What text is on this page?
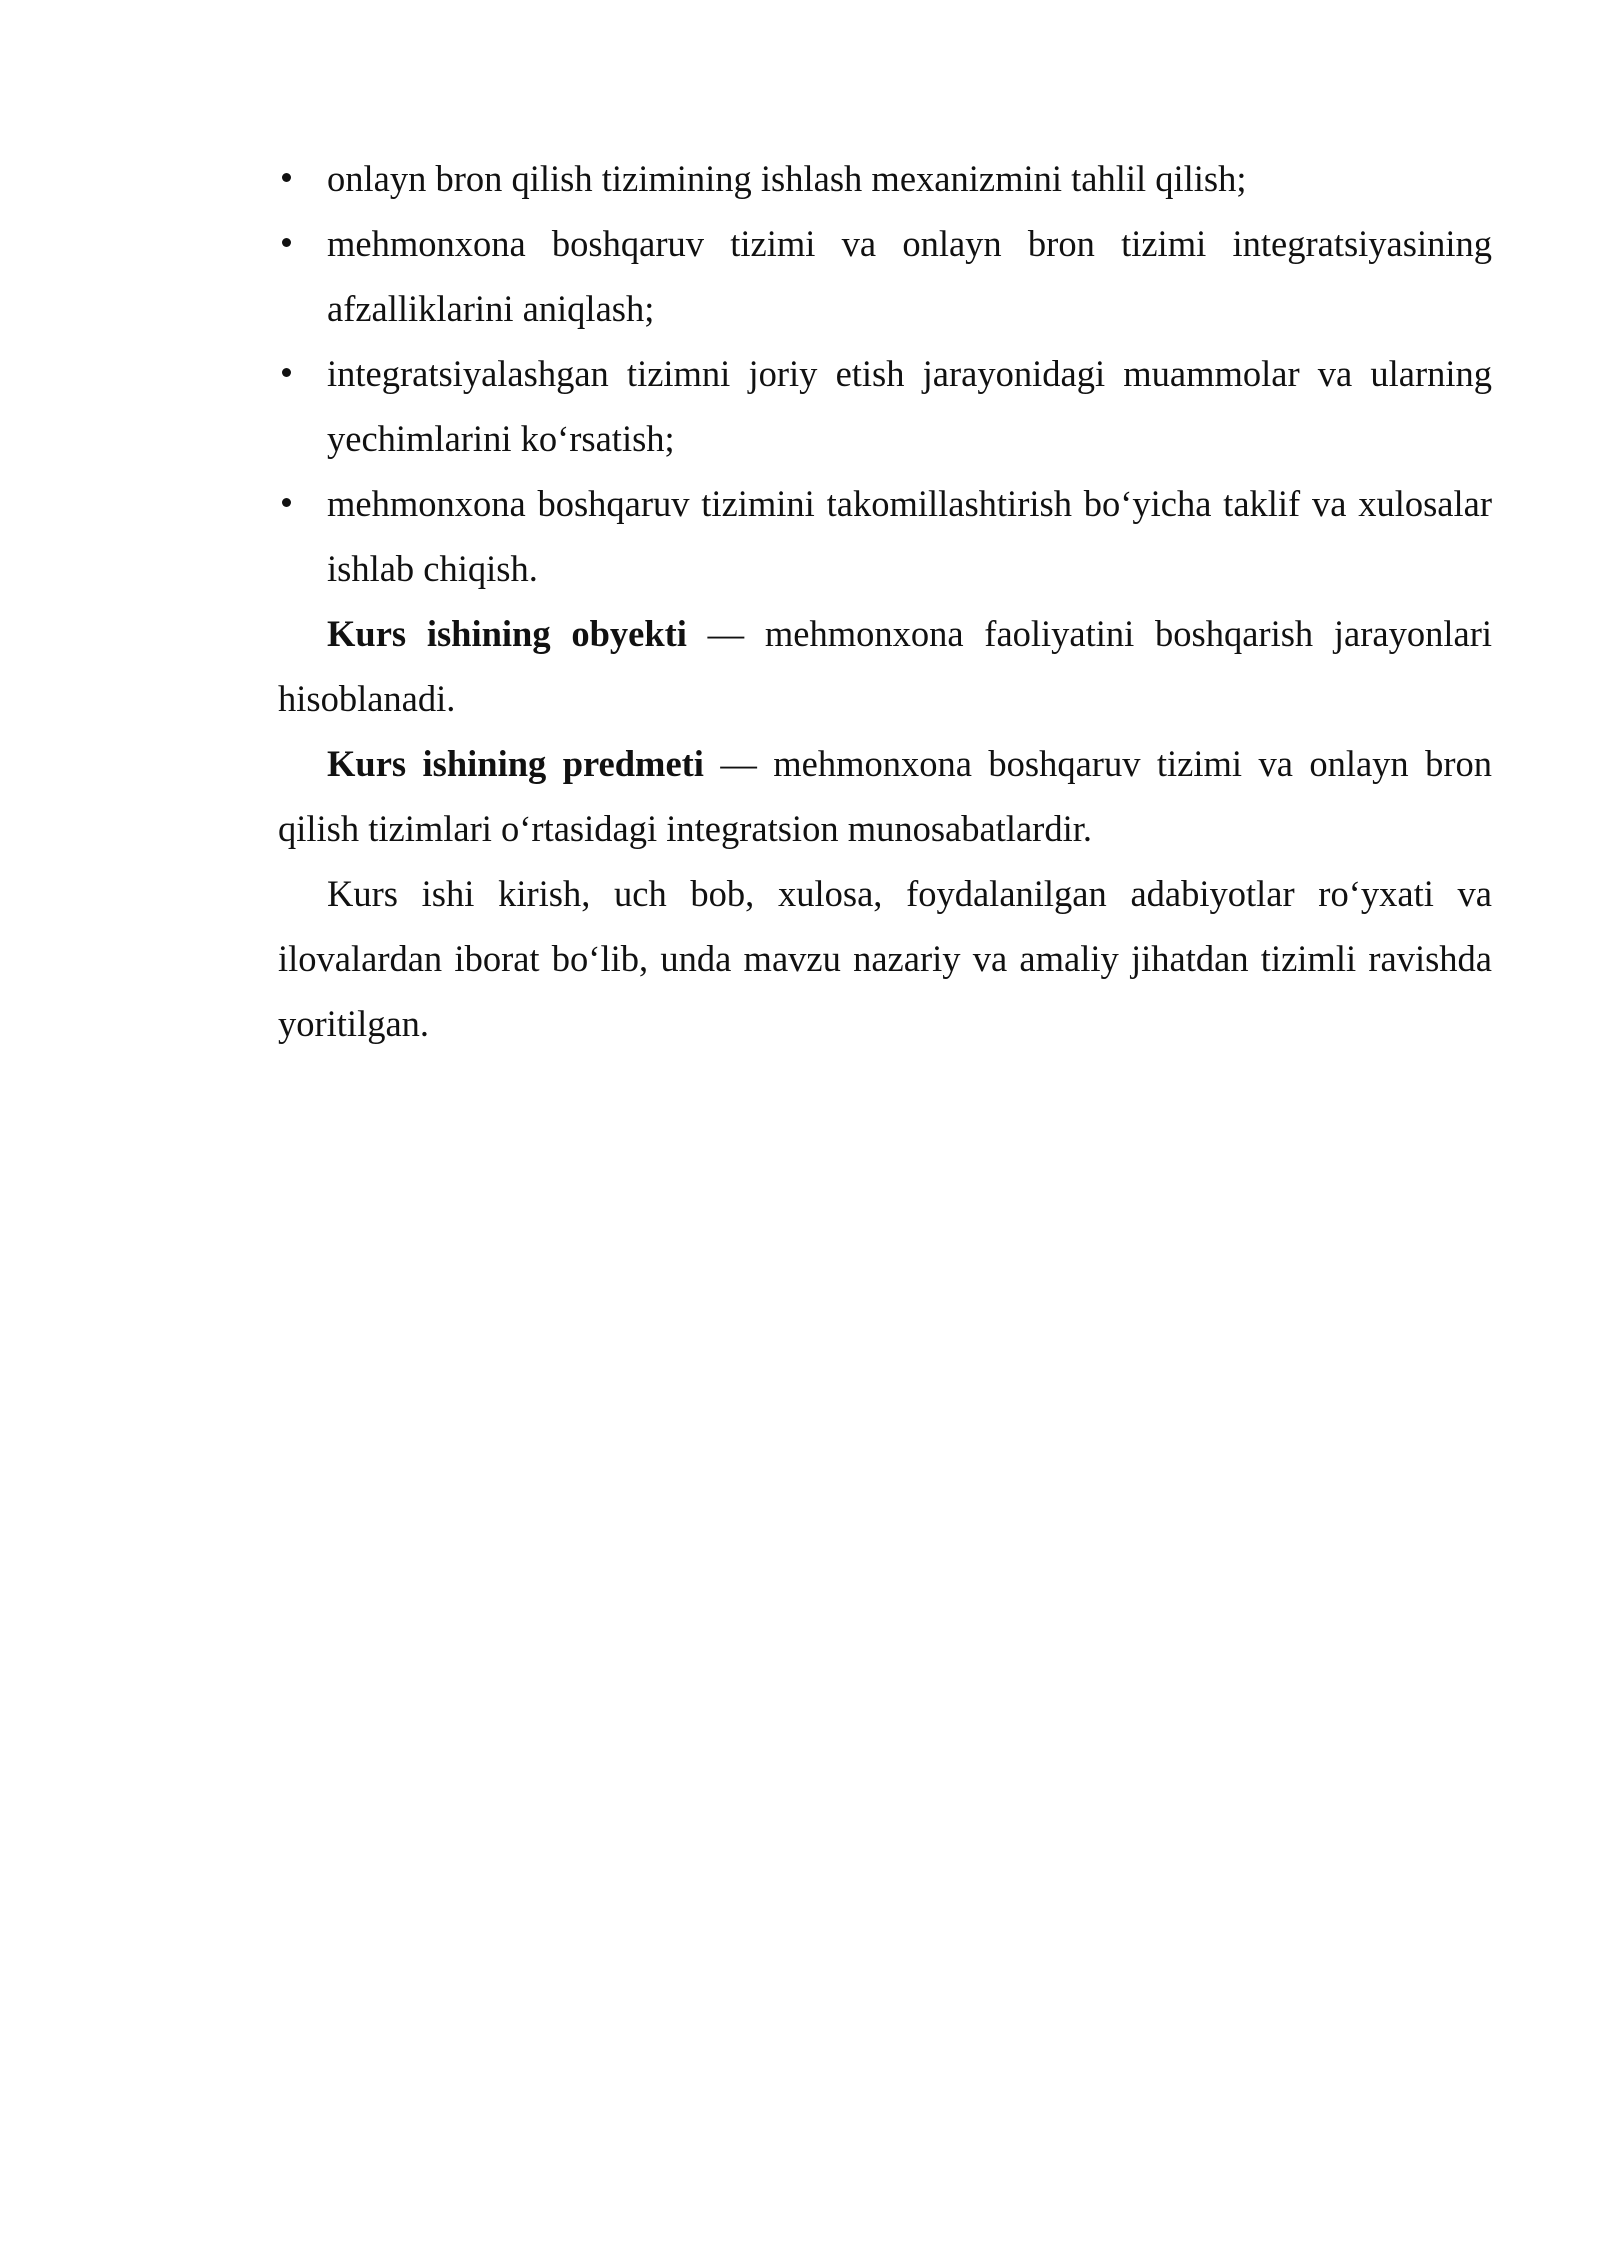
onlayn bron qilish tizimining ishlash mexanizmini tahlil qilish;
mehmonxona boshqaruv tizimi va onlayn bron tizimi integratsiyasining afzalliklarini aniqlash;
integratsiyalashgan tizimni joriy etish jarayonidagi muammolar va ularning yechimlarini ko‘rsatish;
mehmonxona boshqaruv tizimini takomillashtirish bo‘yicha taklif va xulosalar ishlab chiqish.

Kurs ishining obyekti — mehmonxona faoliyatini boshqarish jarayonlari hisoblanadi.

Kurs ishining predmeti — mehmonxona boshqaruv tizimi va onlayn bron qilish tizimlari o‘rtasidagi integratsion munosabatlardir.

Kurs ishi kirish, uch bob, xulosa, foydalanilgan adabiyotlar ro‘yxati va ilovalardan iborat bo‘lib, unda mavzu nazariy va amaliy jihatdan tizimli ravishda yoritilgan.
